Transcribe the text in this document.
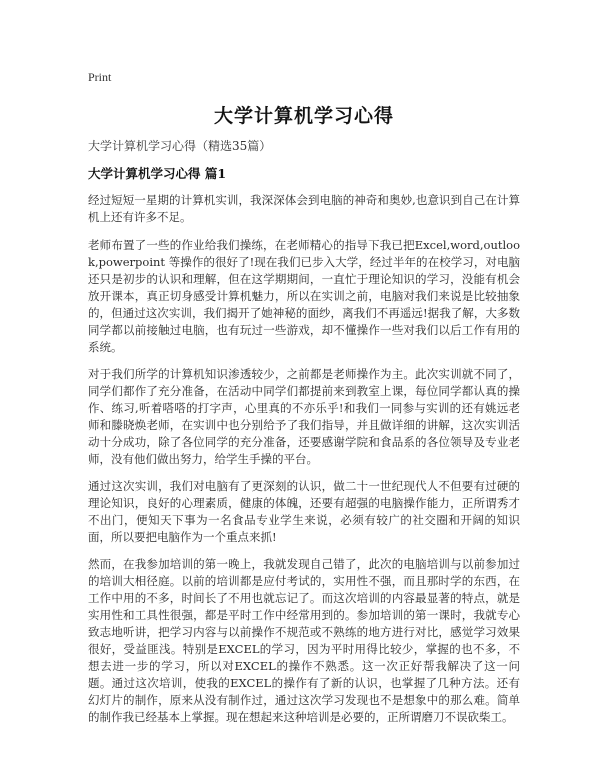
Print

大学计算机学习心得

大学计算机学习心得（精选35篇）

大学计算机学习心得 篇1

经过短短一星期的计算机实训，我深深体会到电脑的神奇和奥妙,也意识到自己在计算机上还有许多不足。

老师布置了一些的作业给我们操练，在老师精心的指导下我已把Excel,word,outlook,powerpoint 等操作的很好了!现在我们已步入大学，经过半年的在校学习，对电脑还只是初步的认识和理解，但在这学期期间，一直忙于理论知识的学习，没能有机会放开课本，真正切身感受计算机魅力，所以在实训之前，电脑对我们来说是比较抽象的，但通过这次实训，我们揭开了她神秘的面纱，离我们不再遥远!据我了解，大多数同学都以前接触过电脑，也有玩过一些游戏，却不懂操作一些对我们以后工作有用的系统。

对于我们所学的计算机知识渗透较少，之前都是老师操作为主。此次实训就不同了，同学们都作了充分准备，在活动中同学们都提前来到教室上课，每位同学都认真的操作、练习,听着嗒嗒的打字声，心里真的不亦乐乎!和我们一同参与实训的还有姚远老师和滕晓焕老师，在实训中也分别给予了我们指导，并且做详细的讲解，这次实训活动十分成功，除了各位同学的充分准备，还要感谢学院和食品系的各位领导及专业老师，没有他们做出努力，给学生手操的平台。

通过这次实训，我们对电脑有了更深刻的认识，做二十一世纪现代人不但要有过硬的理论知识，良好的心理素质，健康的体魄，还要有超强的电脑操作能力，正所谓秀才不出门，便知天下事为一名食品专业学生来说，必须有较广的社交圈和开阔的知识面，所以要把电脑作为一个重点来抓!

然而，在我参加培训的第一晚上，我就发现自己错了，此次的电脑培训与以前参加过的培训大相径庭。以前的培训都是应付考试的，实用性不强，而且那时学的东西，在工作中用的不多，时间长了不用也就忘记了。而这次培训的内容最显著的特点，就是实用性和工具性很强，都是平时工作中经常用到的。参加培训的第一课时，我就专心致志地听讲，把学习内容与以前操作不规范或不熟练的地方进行对比，感觉学习效果很好，受益匪浅。特别是EXCEL的学习，因为平时用得比较少，掌握的也不多，不想去进一步的学习，所以对EXCEL的操作不熟悉。这一次正好帮我解决了这一问题。通过这次培训，使我的EXCEL的操作有了新的认识，也掌握了几种方法。还有幻灯片的制作，原来从没有制作过，通过这次学习发现也不是想象中的那么难。简单的制作我已经基本上掌握。现在想起来这种培训是必要的，正所谓磨刀不误砍柴工。
